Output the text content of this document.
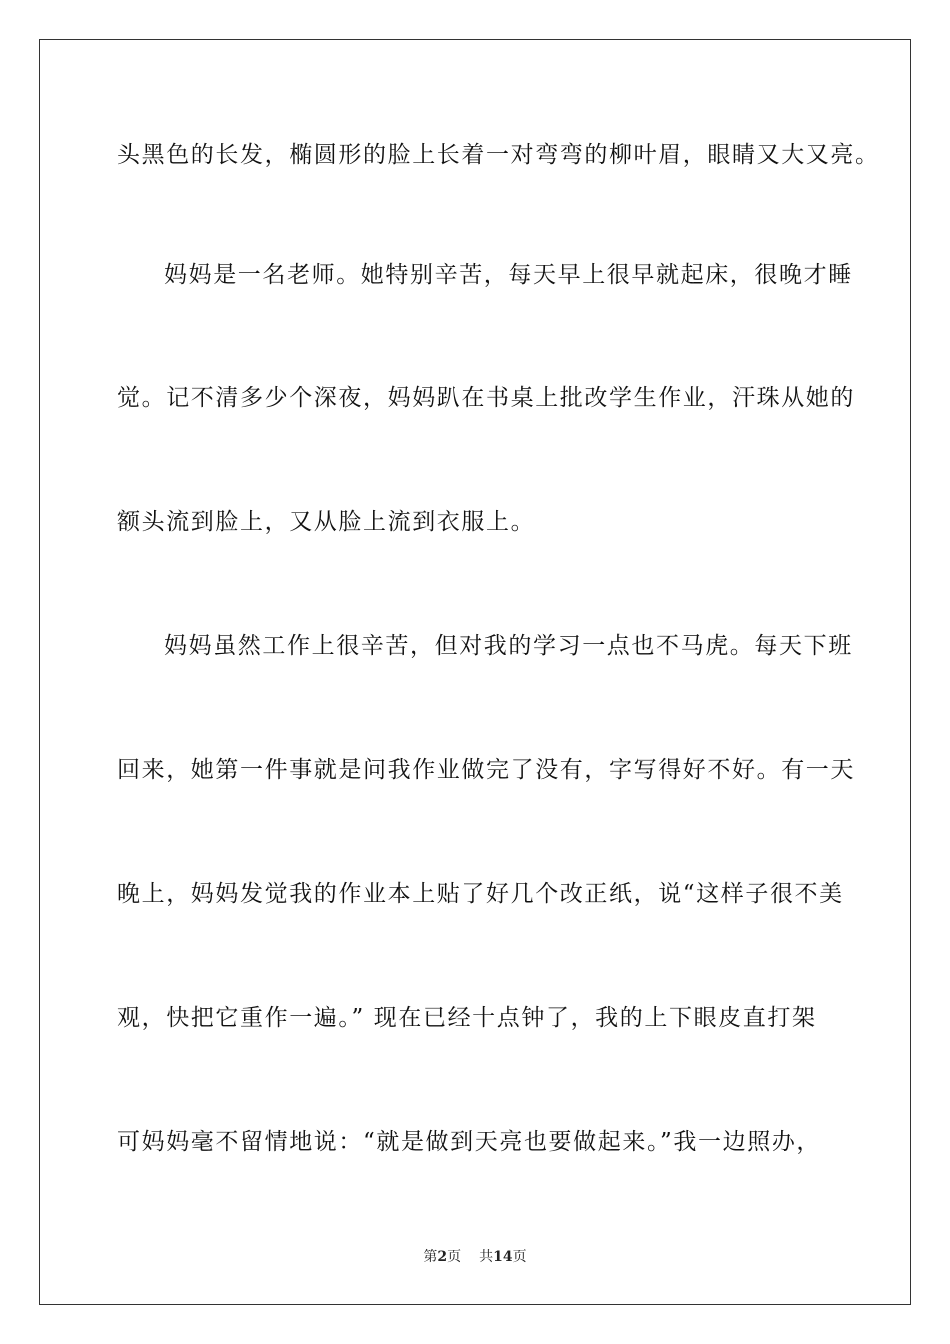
头黑色的长发，椭圆形的脸上长着一对弯弯的柳叶眉，眼睛又大又亮。
妈妈是一名老师。她特别辛苦，每天早上很早就起床，很晚才睡
觉。记不清多少个深夜，妈妈趴在书桌上批改学生作业，汗珠从她的
额头流到脸上，又从脸上流到衣服上。
妈妈虽然工作上很辛苦，但对我的学习一点也不马虎。每天下班
回来，她第一件事就是问我作业做完了没有，字写得好不好。有一天
晚上，妈妈发觉我的作业本上贴了好几个改正纸，说“这样子很不美
观，快把它重作一遍。” 现在已经十点钟了，我的上下眼皮直打架
可妈妈毫不留情地说：“就是做到天亮也要做起来。”我一边照办，
第2页 共14页
